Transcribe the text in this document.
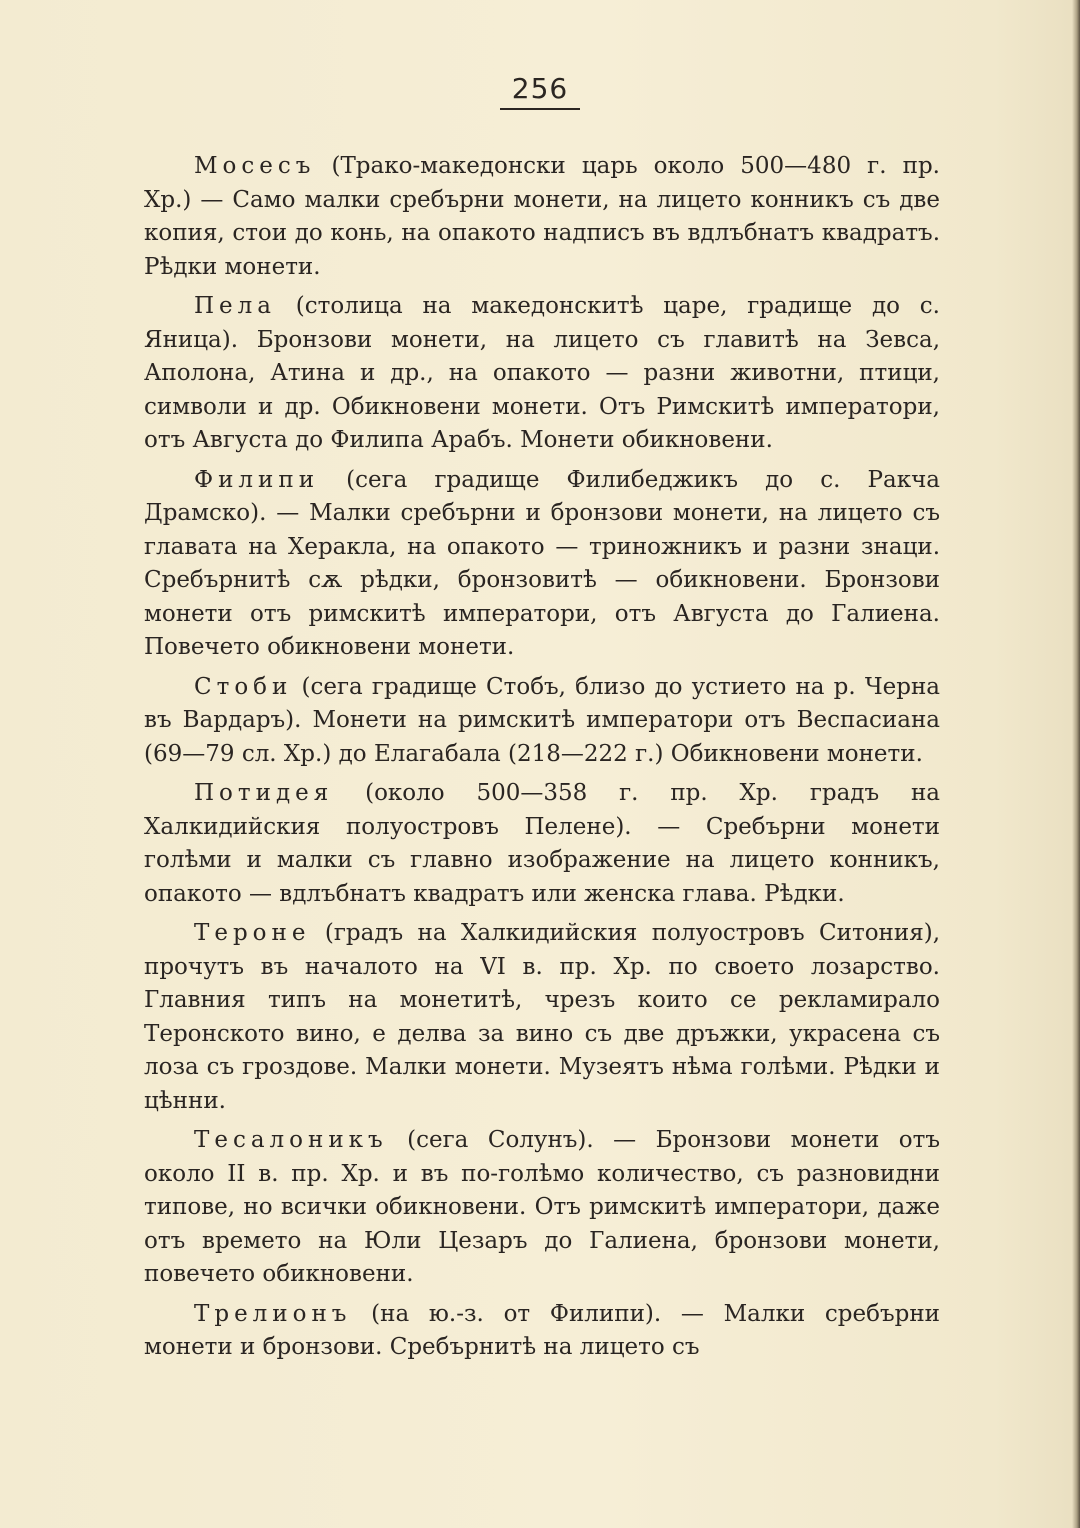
256

Мосесъ (Трако-македонски царь около 500—480 г. пр. Хр.) — Само малки сребърни монети, на лицето конникъ съ две копия, стои до конь, на опакото надписъ въ вдлъбнатъ квадратъ. Рѣдки монети.

Пела (столица на македонскитѣ царе, градище до с. Яница). Бронзови монети, на лицето съ главитѣ на Зевса, Аполона, Атина и др., на опакото — разни животни, птици, символи и др. Обикновени монети. Отъ Римскитѣ императори, отъ Августа до Филипа Арабъ. Монети обикновени.

Филипи (сега градище Филибеджикъ до с. Ракча Драмско). — Малки сребърни и бронзови монети, на лицето съ главата на Херакла, на опакото — триножникъ и разни знаци. Сребърнитѣ сѫ рѣдки, бронзовитѣ — обикновени. Бронзови монети отъ римскитѣ императори, отъ Августа до Галиена. Повечето обикновени монети.

Стоби (сега градище Стобъ, близо до устието на р. Черна въ Вардаръ). Монети на римскитѣ императори отъ Веспасиана (69—79 сл. Хр.) до Елагабала (218—222 г.) Обикновени монети.

Потидея (около 500—358 г. пр. Хр. градъ на Халкидийския полуостровъ Пелене). — Сребърни монети голѣми и малки съ главно изображение на лицето конникъ, опакото — вдлъбнатъ квадратъ или женска глава. Рѣдки.

Тероне (градъ на Халкидийския полуостровъ Ситония), прочутъ въ началото на VI в. пр. Хр. по своето лозарство. Главния типъ на монетитѣ, чрезъ които се рекламирало Теронското вино, е делва за вино съ две дръжки, украсена съ лоза съ гроздове. Малки монети. Музеятъ нѣма голѣми. Рѣдки и цѣнни.

Тесалоникъ (сега Солунъ). — Бронзови монети отъ около II в. пр. Хр. и въ по-голѣмо количество, съ разновидни типове, но всички обикновени. Отъ римскитѣ императори, даже отъ времето на Юли Цезаръ до Галиена, бронзови монети, повечето обикновени.

Трелионъ (на ю.-з. от Филипи). — Малки сребърни монети и бронзови. Сребърнитѣ на лицето съ
